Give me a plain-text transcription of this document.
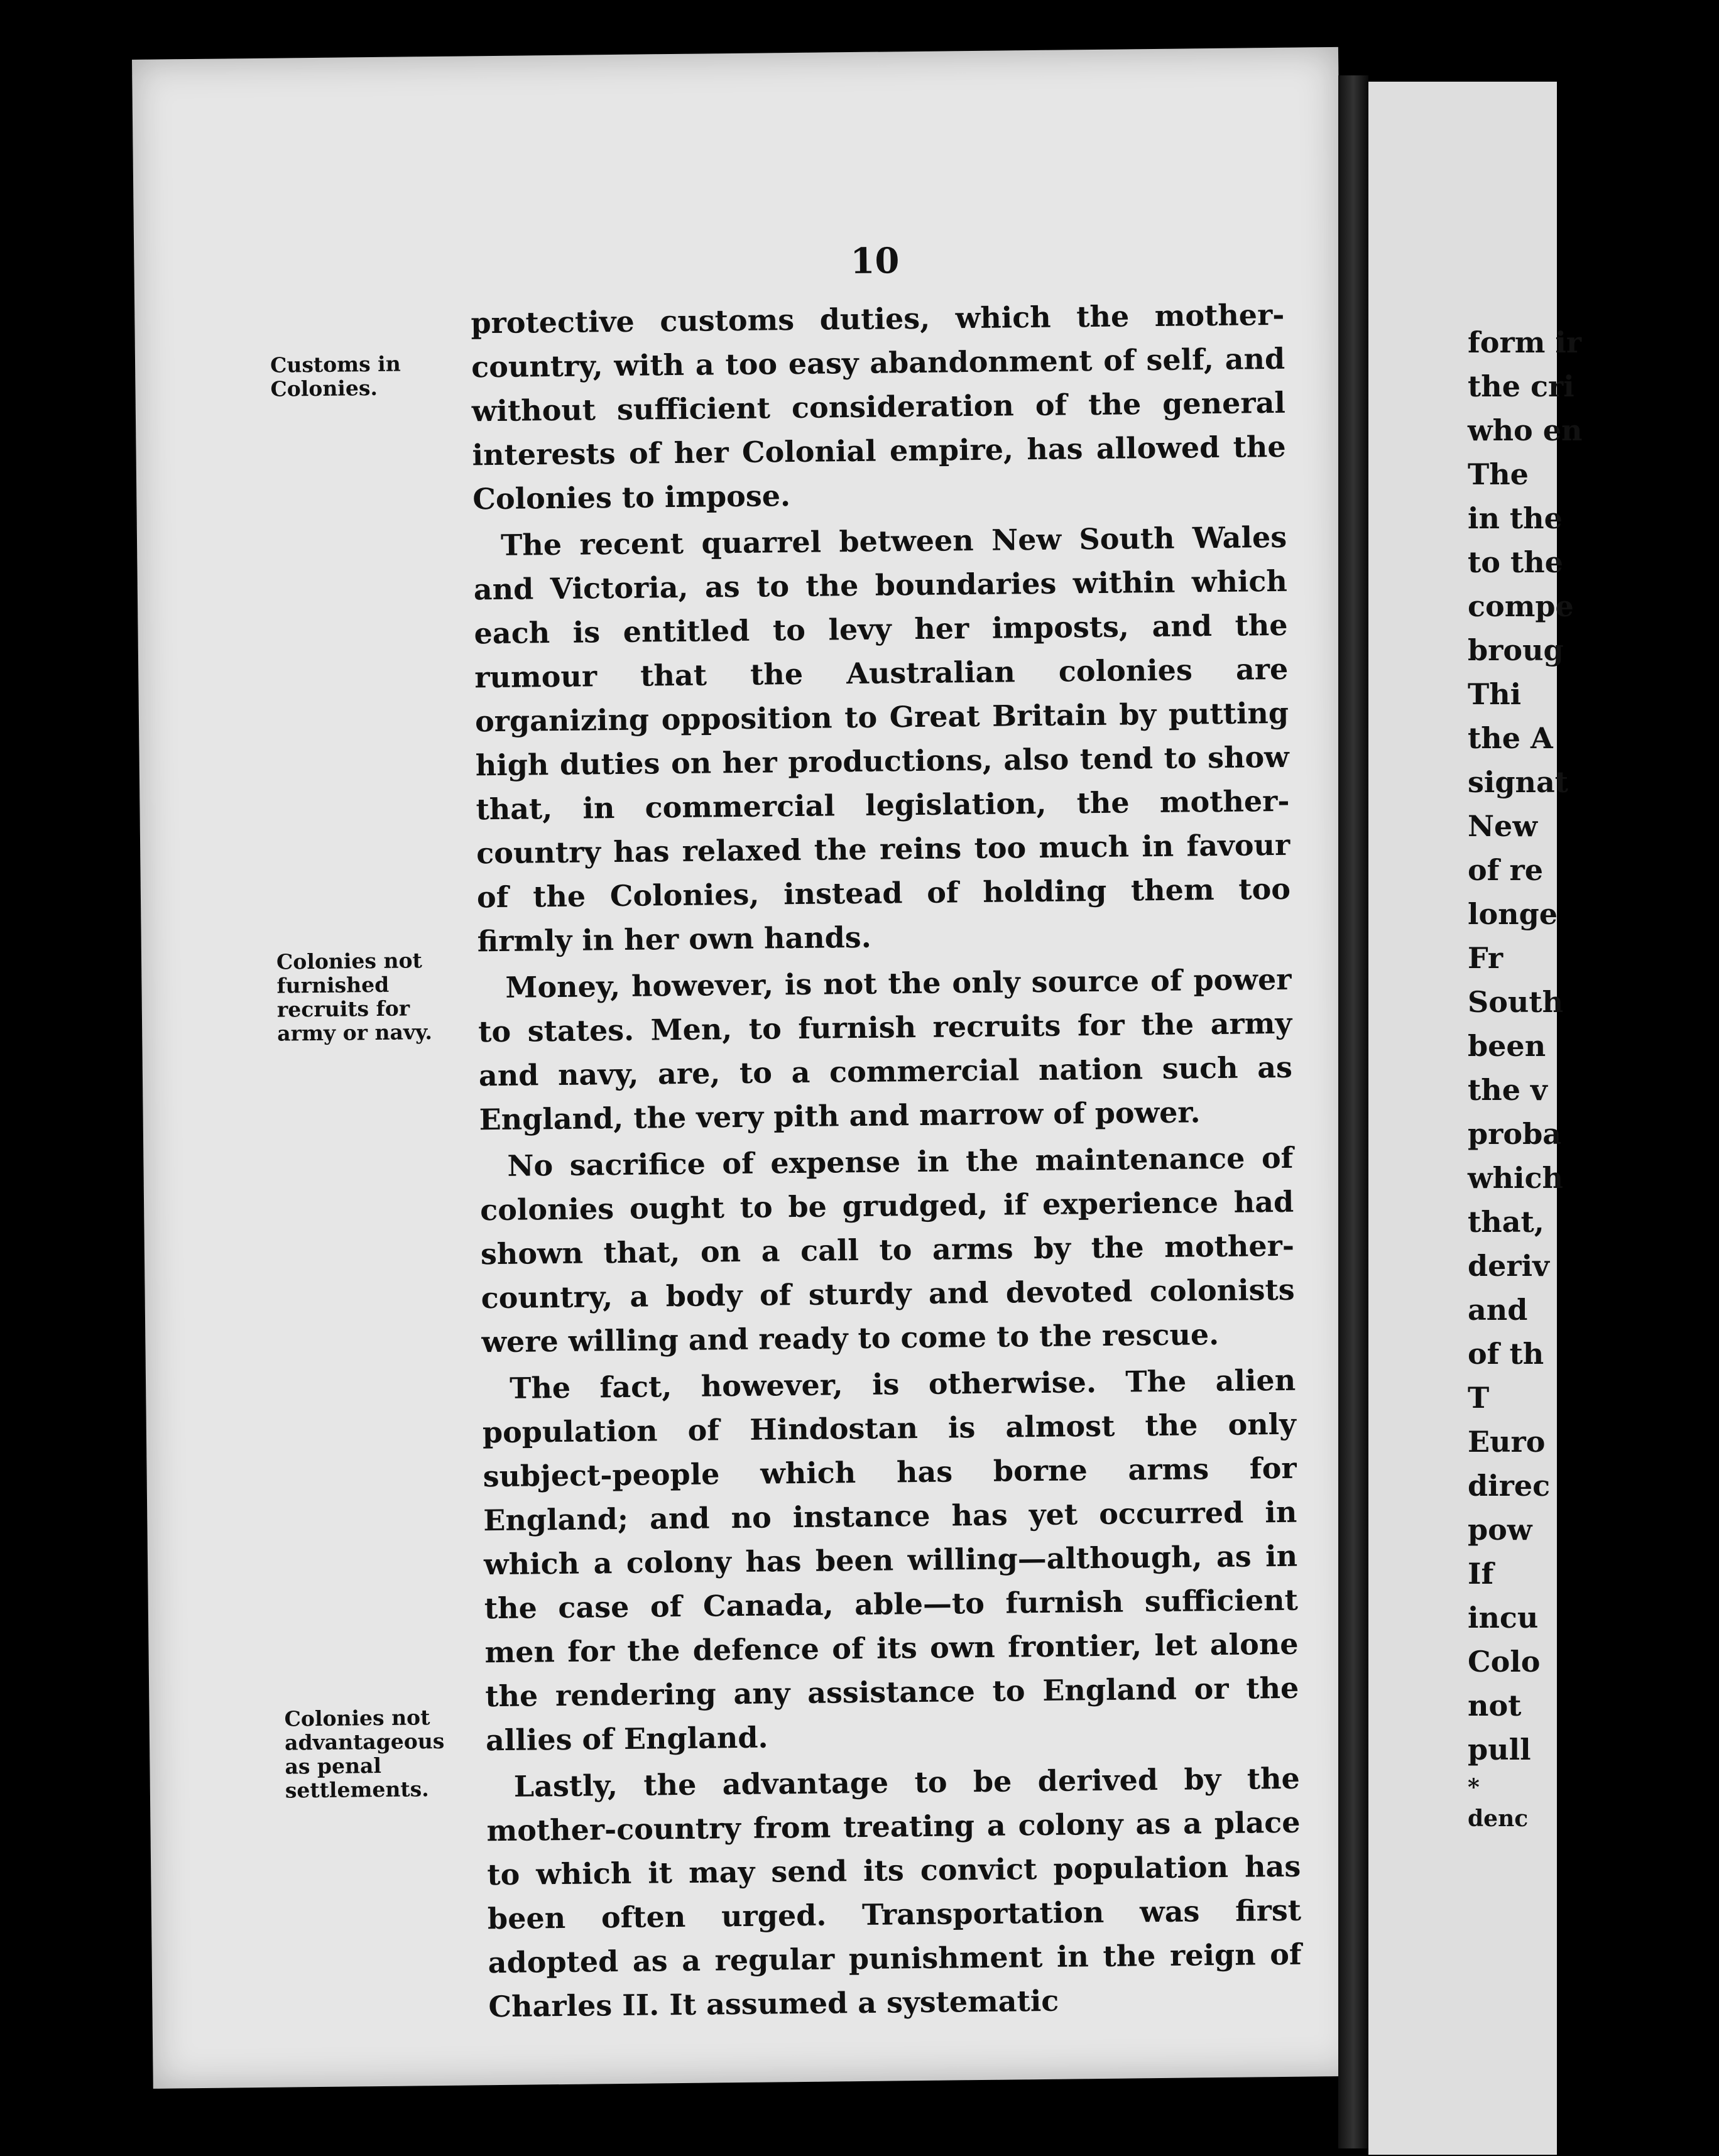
10
Customs in Colonies.
Colonies not furnished recruits for army or navy.
Colonies not advantageous as penal settlements.

protective customs duties, which the mother-country, with a too easy abandonment of self, and without sufficient consideration of the general interests of her Colonial empire, has allowed the Colonies to impose.

The recent quarrel between New South Wales and Victoria, as to the boundaries within which each is entitled to levy her imposts, and the rumour that the Australian colonies are organizing opposition to Great Britain by putting high duties on her productions, also tend to show that, in commercial legislation, the mother-country has relaxed the reins too much in favour of the Colonies, instead of holding them too firmly in her own hands.

Money, however, is not the only source of power to states. Men, to furnish recruits for the army and navy, are, to a commercial nation such as England, the very pith and marrow of power.

No sacrifice of expense in the maintenance of colonies ought to be grudged, if experience had shown that, on a call to arms by the mother-country, a body of sturdy and devoted colonists were willing and ready to come to the rescue.

The fact, however, is otherwise. The alien population of Hindostan is almost the only subject-people which has borne arms for England; and no instance has yet occurred in which a colony has been willing—although, as in the case of Canada, able—to furnish sufficient men for the defence of its own frontier, let alone the rendering any assistance to England or the allies of England.

Lastly, the advantage to be derived by the mother-country from treating a colony as a place to which it may send its convict population has been often urged. Transportation was first adopted as a regular punishment in the reign of Charles II. It assumed a systematic

form ir
the cri
who en
The
in the
to the
compe
broug
Thi
the A
signat
New
of re
longe
Fr
South
been
the v
proba
which
that,
deriv
and
of th
T
Euro
direc
pow
If
incu
Colo
not
pull
*
denc
